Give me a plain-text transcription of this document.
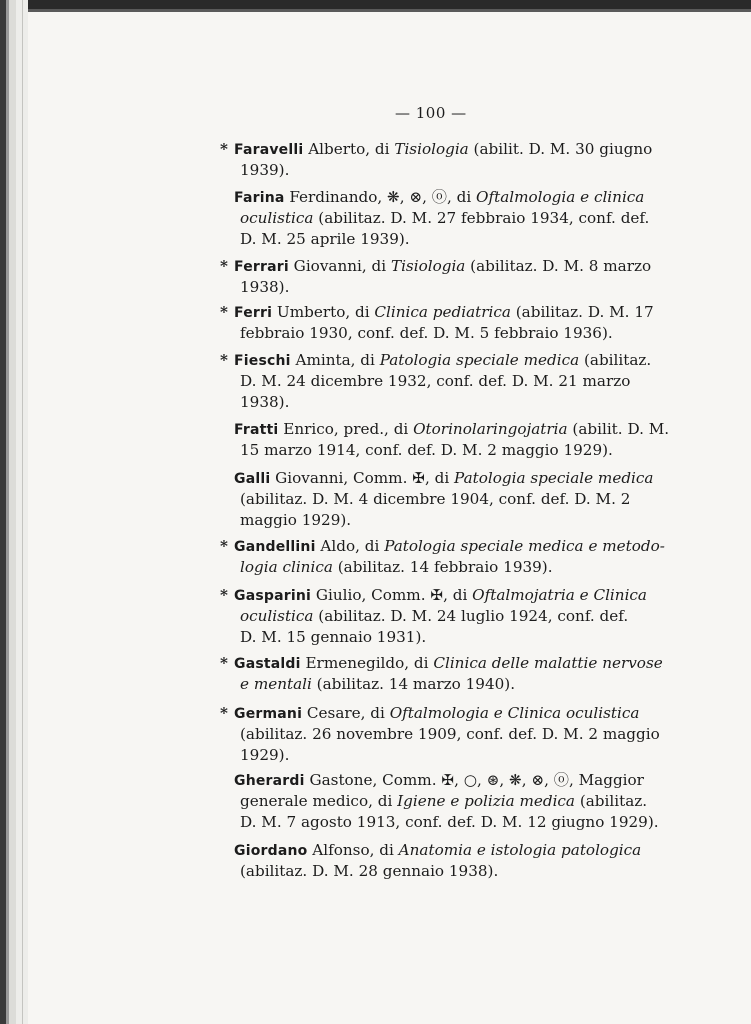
— 100 —
* Faravelli Alberto, di Tisiologia (abilit. D. M. 30 giugno
1939).
Farina Ferdinando, ❋, ⊗, ⓞ, di Oftalmologia e clinica
oculistica (abilitaz. D. M. 27 febbraio 1934, conf. def.
D. M. 25 aprile 1939).
* Ferrari Giovanni, di Tisiologia (abilitaz. D. M. 8 marzo
1938).
* Ferri Umberto, di Clinica pediatrica (abilitaz. D. M. 17
febbraio 1930, conf. def. D. M. 5 febbraio 1936).
* Fieschi Aminta, di Patologia speciale medica (abilitaz.
D. M. 24 dicembre 1932, conf. def. D. M. 21 marzo
1938).
Fratti Enrico, pred., di Otorinolaringojatria (abilit. D. M.
15 marzo 1914, conf. def. D. M. 2 maggio 1929).
Galli Giovanni, Comm. ✠, di Patologia speciale medica
(abilitaz. D. M. 4 dicembre 1904, conf. def. D. M. 2
maggio 1929).
* Gandellini Aldo, di Patologia speciale medica e metodo-
logia clinica (abilitaz. 14 febbraio 1939).
* Gasparini Giulio, Comm. ✠, di Oftalmojatria e Clinica
oculistica (abilitaz. D. M. 24 luglio 1924, conf. def.
D. M. 15 gennaio 1931).
* Gastaldi Ermenegildo, di Clinica delle malattie nervose
e mentali (abilitaz. 14 marzo 1940).
* Germani Cesare, di Oftalmologia e Clinica oculistica
(abilitaz. 26 novembre 1909, conf. def. D. M. 2 maggio
1929).
Gherardi Gastone, Comm. ✠, ○, ⊛, ❋, ⊗, ⓞ, Maggior
generale medico, di Igiene e polizia medica (abilitaz.
D. M. 7 agosto 1913, conf. def. D. M. 12 giugno 1929).
Giordano Alfonso, di Anatomia e istologia patologica
(abilitaz. D. M. 28 gennaio 1938).
